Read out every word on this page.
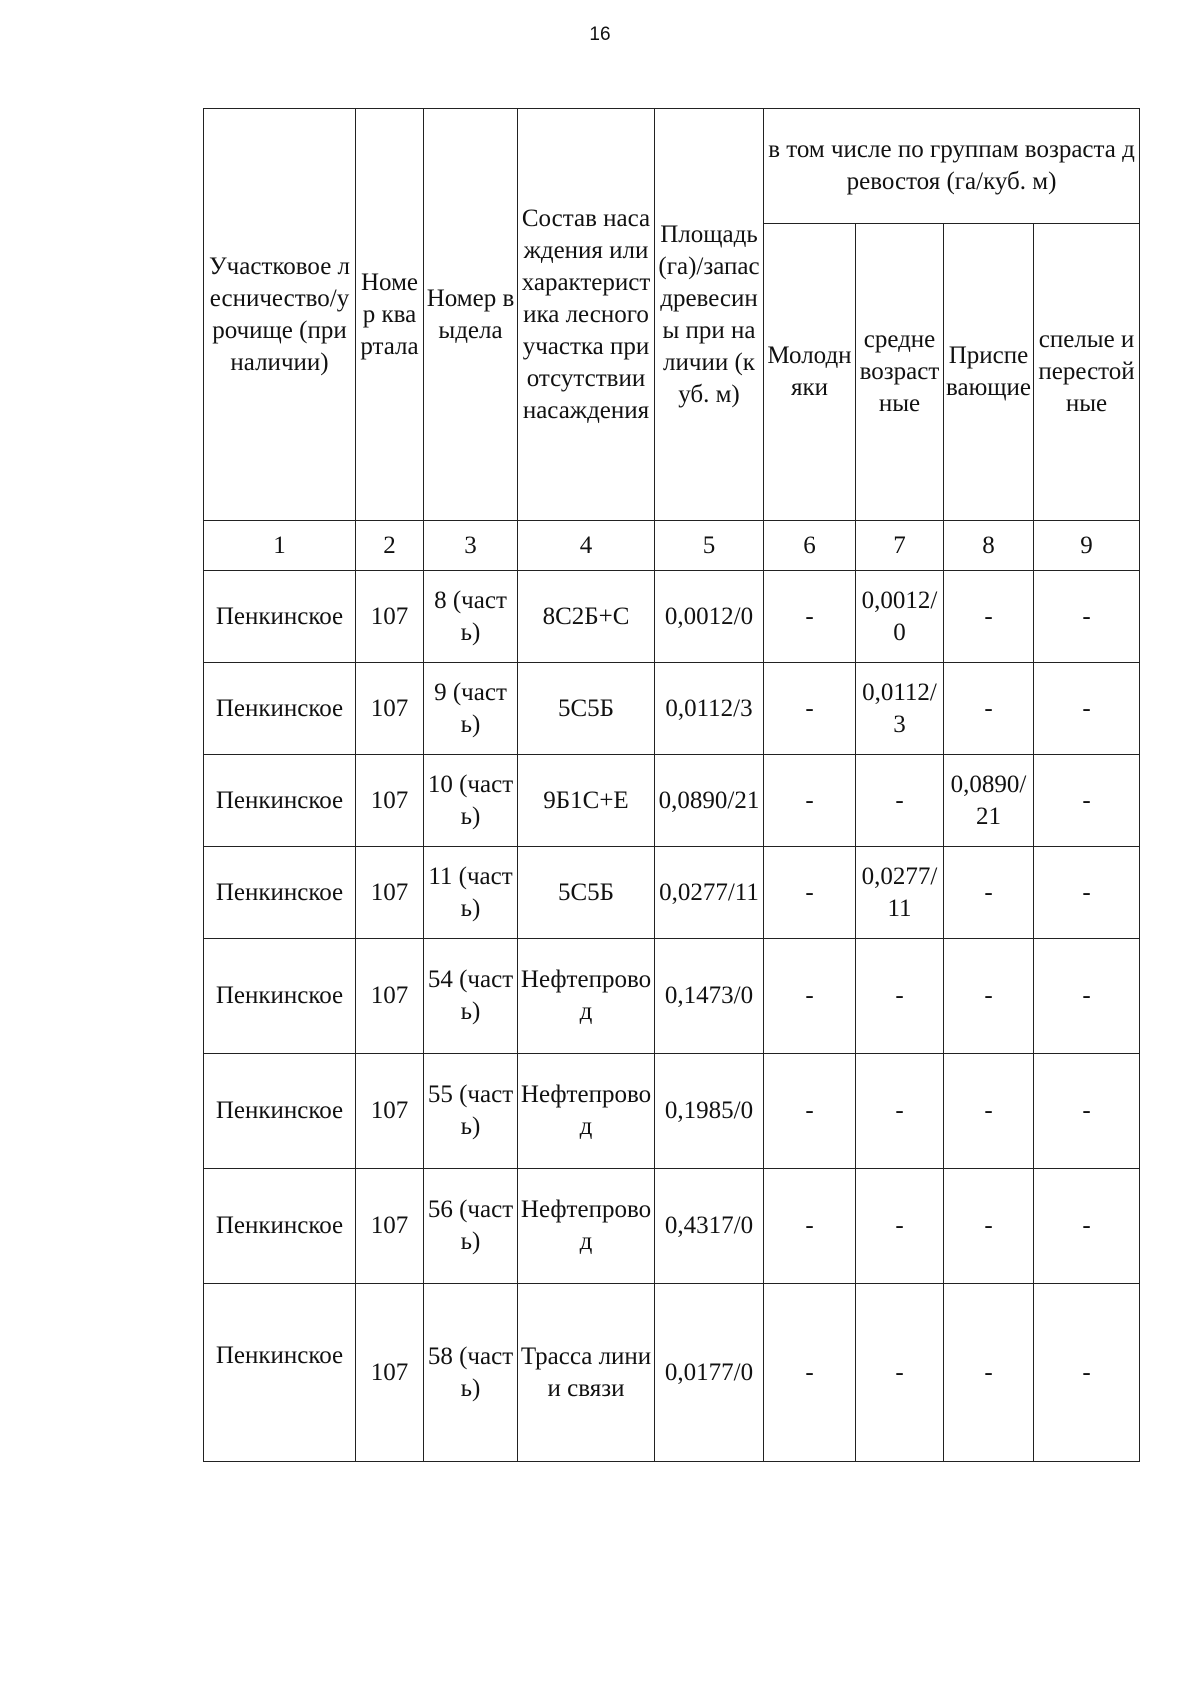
16
Участковое лесничество/урочище (при наличии)	Номер квартала	Номер выдела	Состав насаждения или характеристика лесного участка при отсутствии насаждения	Площадь (га)/запас древесины при наличии (куб. м)	в том числе по группам возраста древостоя (га/куб. м)			
					Молодняки	средневозрастные	Приспевающие	спелые и перестойные
1	2	3	4	5	6	7	8	9
Пенкинское	107	8 (часть)	8С2Б+С	0,0012/0	-	0,0012/0	-	-
Пенкинское	107	9 (часть)	5С5Б	0,0112/3	-	0,0112/3	-	-
Пенкинское	107	10 (часть)	9Б1С+Е	0,0890/21	-	-	0,0890/21	-
Пенкинское	107	11 (часть)	5С5Б	0,0277/11	-	0,0277/11	-	-
Пенкинское	107	54 (часть)	Нефтепровод	0,1473/0	-	-	-	-
Пенкинское	107	55 (часть)	Нефтепровод	0,1985/0	-	-	-	-
Пенкинское	107	56 (часть)	Нефтепровод	0,4317/0	-	-	-	-
Пенкинское	107	58 (часть)	Трасса линии связи	0,0177/0	-	-	-	-
